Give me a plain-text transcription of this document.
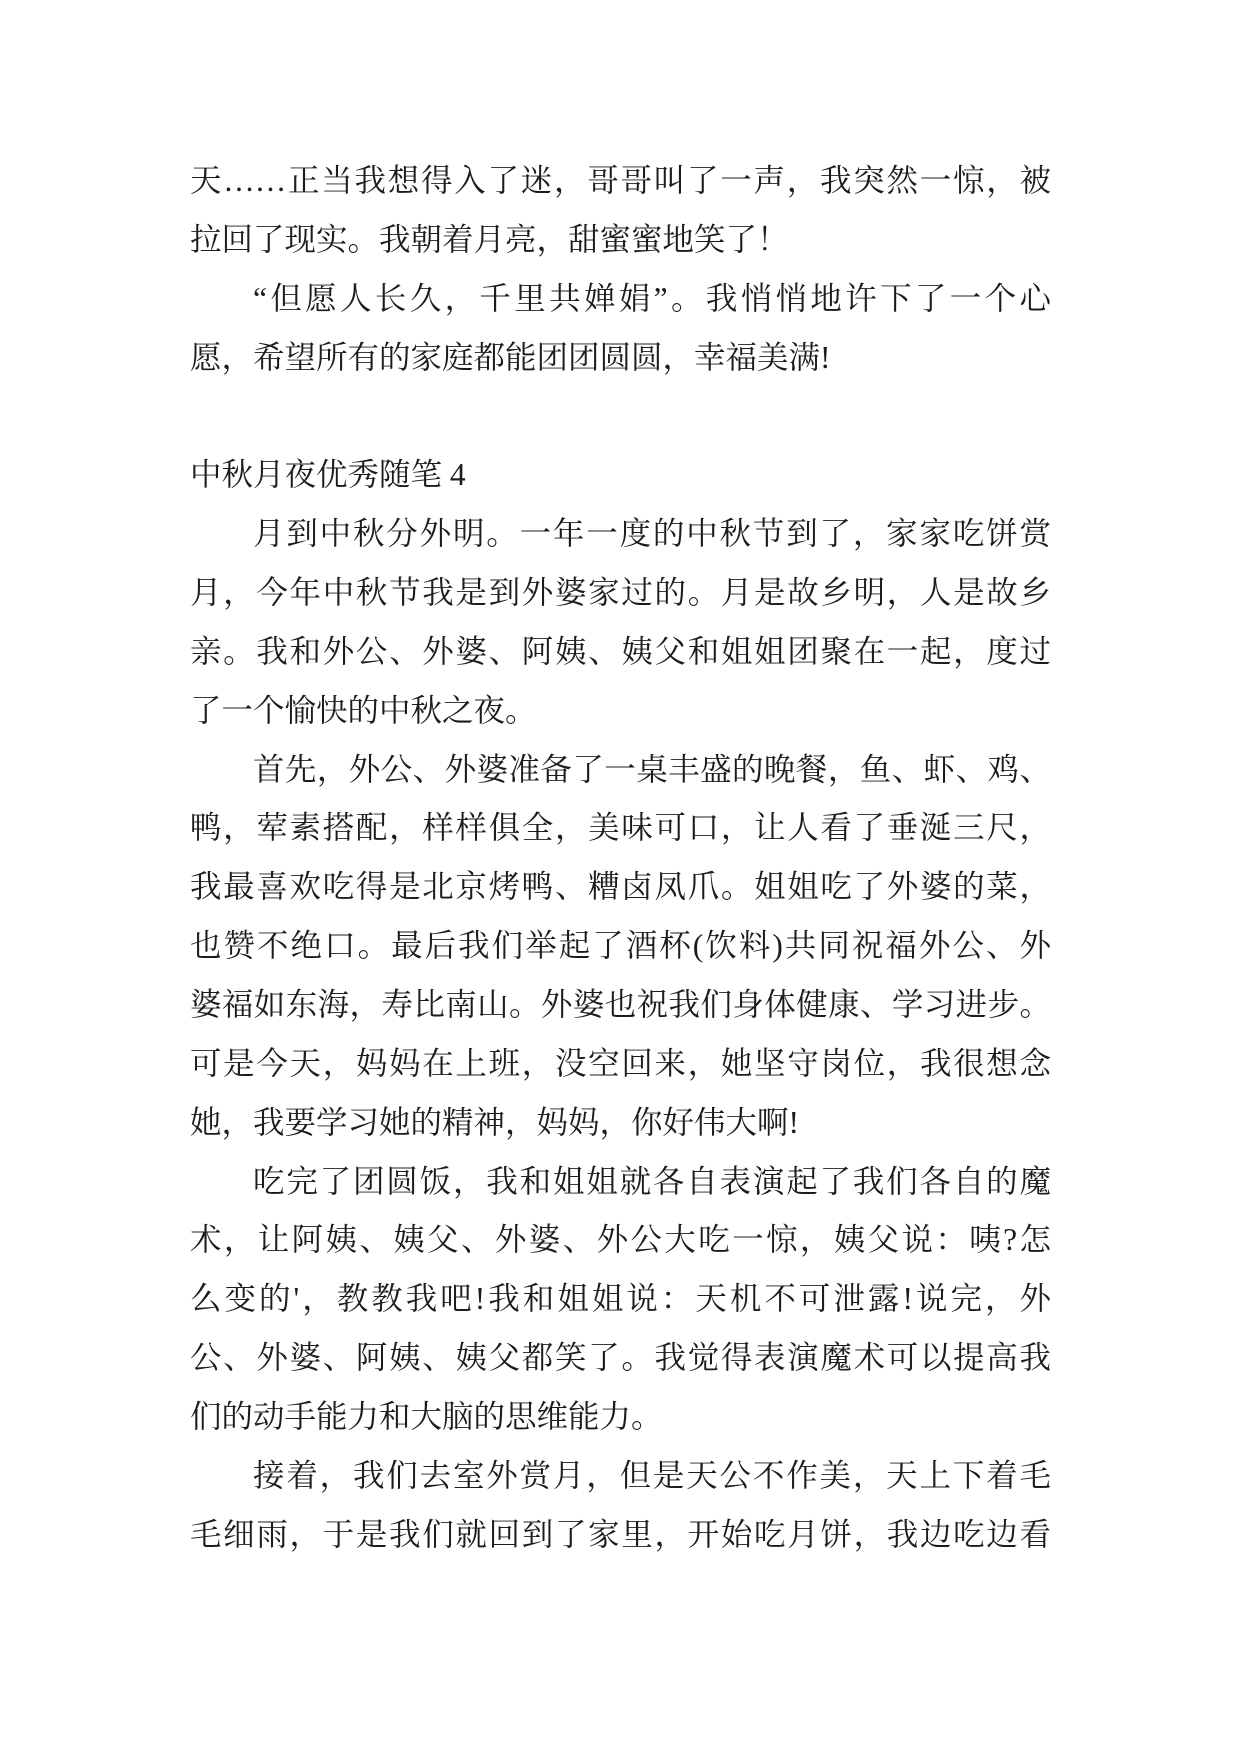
天……正当我想得入了迷，哥哥叫了一声，我突然一惊，被
拉回了现实。我朝着月亮，甜蜜蜜地笑了！
“但愿人长久，千里共婵娟”。我悄悄地许下了一个心
愿，希望所有的家庭都能团团圆圆，幸福美满!
中秋月夜优秀随笔 4
月到中秋分外明。一年一度的中秋节到了，家家吃饼赏
月，今年中秋节我是到外婆家过的。月是故乡明，人是故乡
亲。我和外公、外婆、阿姨、姨父和姐姐团聚在一起，度过
了一个愉快的中秋之夜。
首先，外公、外婆准备了一桌丰盛的晚餐，鱼、虾、鸡、
鸭，荤素搭配，样样俱全，美味可口，让人看了垂涎三尺，
我最喜欢吃得是北京烤鸭、糟卤凤爪。姐姐吃了外婆的菜，
也赞不绝口。最后我们举起了酒杯(饮料)共同祝福外公、外
婆福如东海，寿比南山。外婆也祝我们身体健康、学习进步。
可是今天，妈妈在上班，没空回来，她坚守岗位，我很想念
她，我要学习她的精神，妈妈，你好伟大啊!
吃完了团圆饭，我和姐姐就各自表演起了我们各自的魔
术，让阿姨、姨父、外婆、外公大吃一惊，姨父说：咦?怎
么变的'，教教我吧!我和姐姐说：天机不可泄露!说完，外
公、外婆、阿姨、姨父都笑了。我觉得表演魔术可以提高我
们的动手能力和大脑的思维能力。
接着，我们去室外赏月，但是天公不作美，天上下着毛
毛细雨，于是我们就回到了家里，开始吃月饼，我边吃边看
